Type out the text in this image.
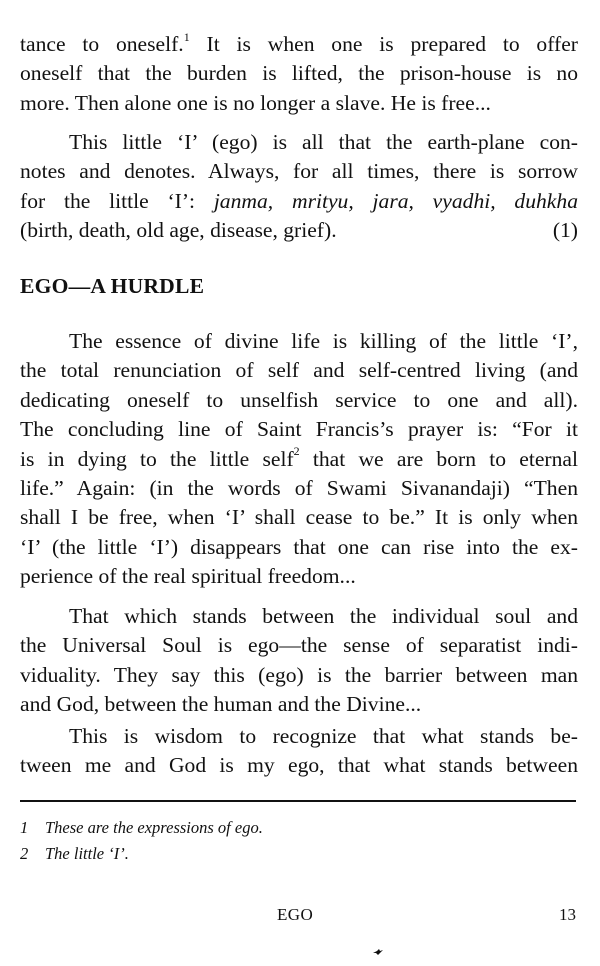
tance to oneself.$^1$ It is when one is prepared to offer
oneself that the burden is lifted, the prison-house is no
more. Then alone one is no longer a slave. He is free...
This little ‘I’ (ego) is all that the earth-plane con-
notes and denotes. Always, for all times, there is sorrow
for the little ‘I’: janma, mrityu, jara, vyadhi, duhkha
(birth, death, old age, disease, grief).	(1)
EGO—A HURDLE
The essence of divine life is killing of the little ‘I’,
the total renunciation of self and self-centred living (and
dedicating oneself to unselfish service to one and all).
The concluding line of Saint Francis’s prayer is: “For it
is in dying to the little self$^2$ that we are born to eternal
life.” Again: (in the words of Swami Sivanandaji) “Then
shall I be free, when ‘I’ shall cease to be.” It is only when
‘I’ (the little ‘I’) disappears that one can rise into the ex-
perience of the real spiritual freedom...
That which stands between the individual soul and
the Universal Soul is ego—the sense of separatist indi-
viduality. They say this (ego) is the barrier between man
and God, between the human and the Divine...
This is wisdom to recognize that what stands be-
tween me and God is my ego, that what stands between
1 These are the expressions of ego.
2 The little ‘I’.
EGO	13
